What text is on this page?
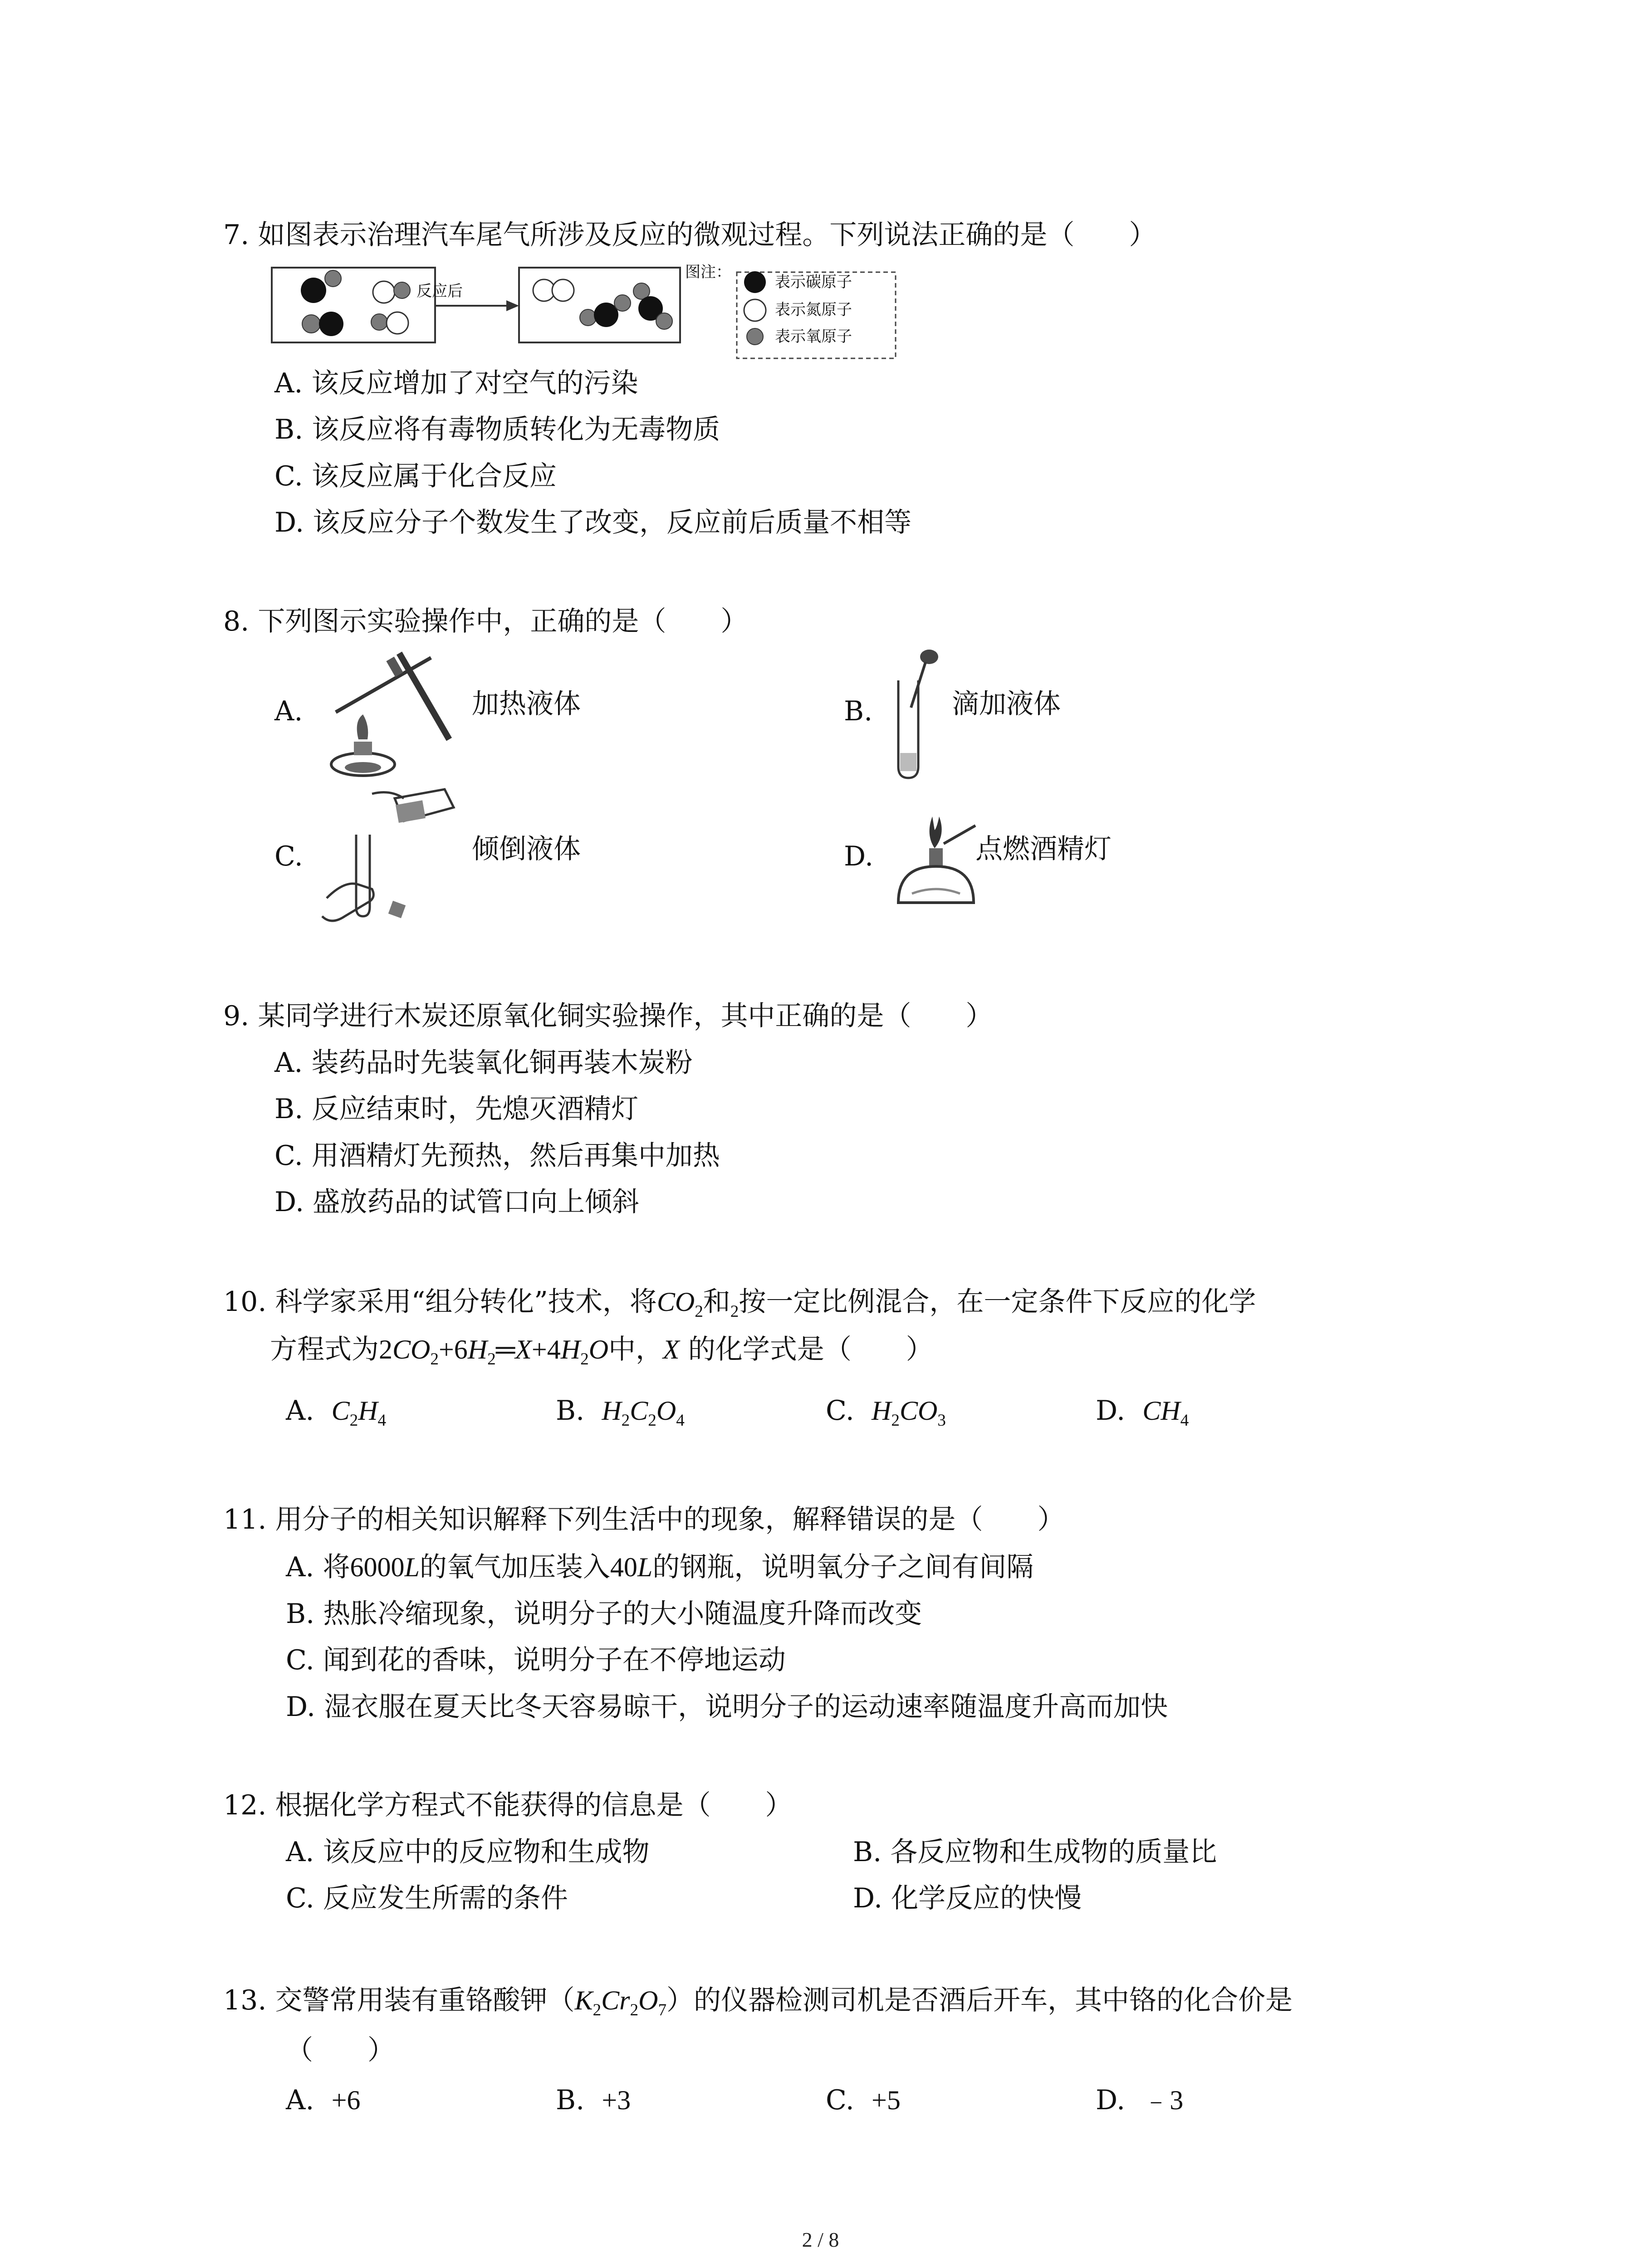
7. 如图表示治理汽车尾气所涉及反应的微观过程。下列说法正确的是（　　）
反应后
图注：
表示碳原子
表示氮原子
表示氧原子
A. 该反应增加了对空气的污染
B. 该反应将有毒物质转化为无毒物质
C. 该反应属于化合反应
D. 该反应分子个数发生了改变，反应前后质量不相等
8. 下列图示实验操作中，正确的是（　　）
A.	加热液体	B.	滴加液体
C.	倾倒液体	D.	点燃酒精灯
9. 某同学进行木炭还原氧化铜实验操作，其中正确的是（　　）
A. 装药品时先装氧化铜再装木炭粉
B. 反应结束时，先熄灭酒精灯
C. 用酒精灯先预热，然后再集中加热
D. 盛放药品的试管口向上倾斜
10. 科学家采用“组分转化”技术，将$CO_2$和$_2$按一定比例混合，在一定条件下反应的化学
方程式为$2CO_2+6H_2═X+4H_2O$中，X 的化学式是（　　）
A. $C_2H_4$	B. $H_2C_2O_4$	C. $H_2CO_3$	D. $CH_4$
11. 用分子的相关知识解释下列生活中的现象，解释错误的是（　　）
A. 将6000L的氧气加压装入40L的钢瓶，说明氧分子之间有间隔
B. 热胀冷缩现象，说明分子的大小随温度升降而改变
C. 闻到花的香味，说明分子在不停地运动
D. 湿衣服在夏天比冬天容易晾干，说明分子的运动速率随温度升高而加快
12. 根据化学方程式不能获得的信息是（　　）
A. 该反应中的反应物和生成物	B. 各反应物和生成物的质量比
C. 反应发生所需的条件	D. 化学反应的快慢
13. 交警常用装有重铬酸钾$(K_2Cr_2O_7)$的仪器检测司机是否酒后开车，其中铬的化合价是
（　　）
A. +6	B. +3	C. +5	D. ﹣3
2 / 8
